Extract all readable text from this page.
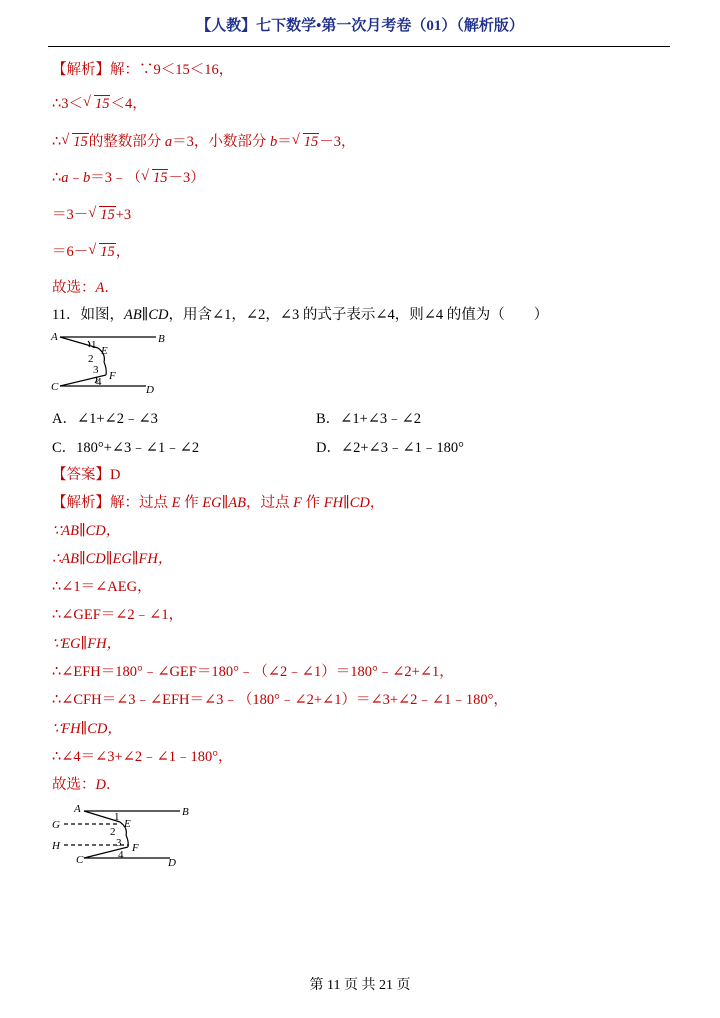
【人教】七下数学•第一次月考卷（01）（解析版）
【解析】解：∵9＜15＜16，
∴3＜ √ 15＜4，
∴ √ 15的整数部分 a＝3，小数部分 b＝ √ 15－3，
∴a﹣b＝3﹣（ √ 15－3）
＝3－ √ 15+3
＝6－ √ 15，
故选：A．
11．如图，AB∥CD，用含∠1，∠2，∠3 的式子表示∠4，则∠4 的值为（　　）
A	B
C	D
E
F
1
2
3
4
A．∠1+∠2﹣∠3	B．∠1+∠3﹣∠2
C．180°+∠3﹣∠1﹣∠2	D．∠2+∠3﹣∠1﹣180°
【答案】D
【解析】解：过点 E 作 EG∥AB，过点 F 作 FH∥CD，
∵AB∥CD，
∴AB∥CD∥EG∥FH，
∴∠1＝∠AEG，
∴∠GEF＝∠2﹣∠1，
∵EG∥FH，
∴∠EFH＝180°﹣∠GEF＝180°﹣（∠2﹣∠1）＝180°﹣∠2+∠1，
∴∠CFH＝∠3﹣∠EFH＝∠3﹣（180°﹣∠2+∠1）＝∠3+∠2﹣∠1﹣180°，
∵FH∥CD，
∴∠4＝∠3+∠2﹣∠1﹣180°，
故选：D．
A	B
G
H
C	D
E
F
1
2
3
4
第 11 页 共 21 页
